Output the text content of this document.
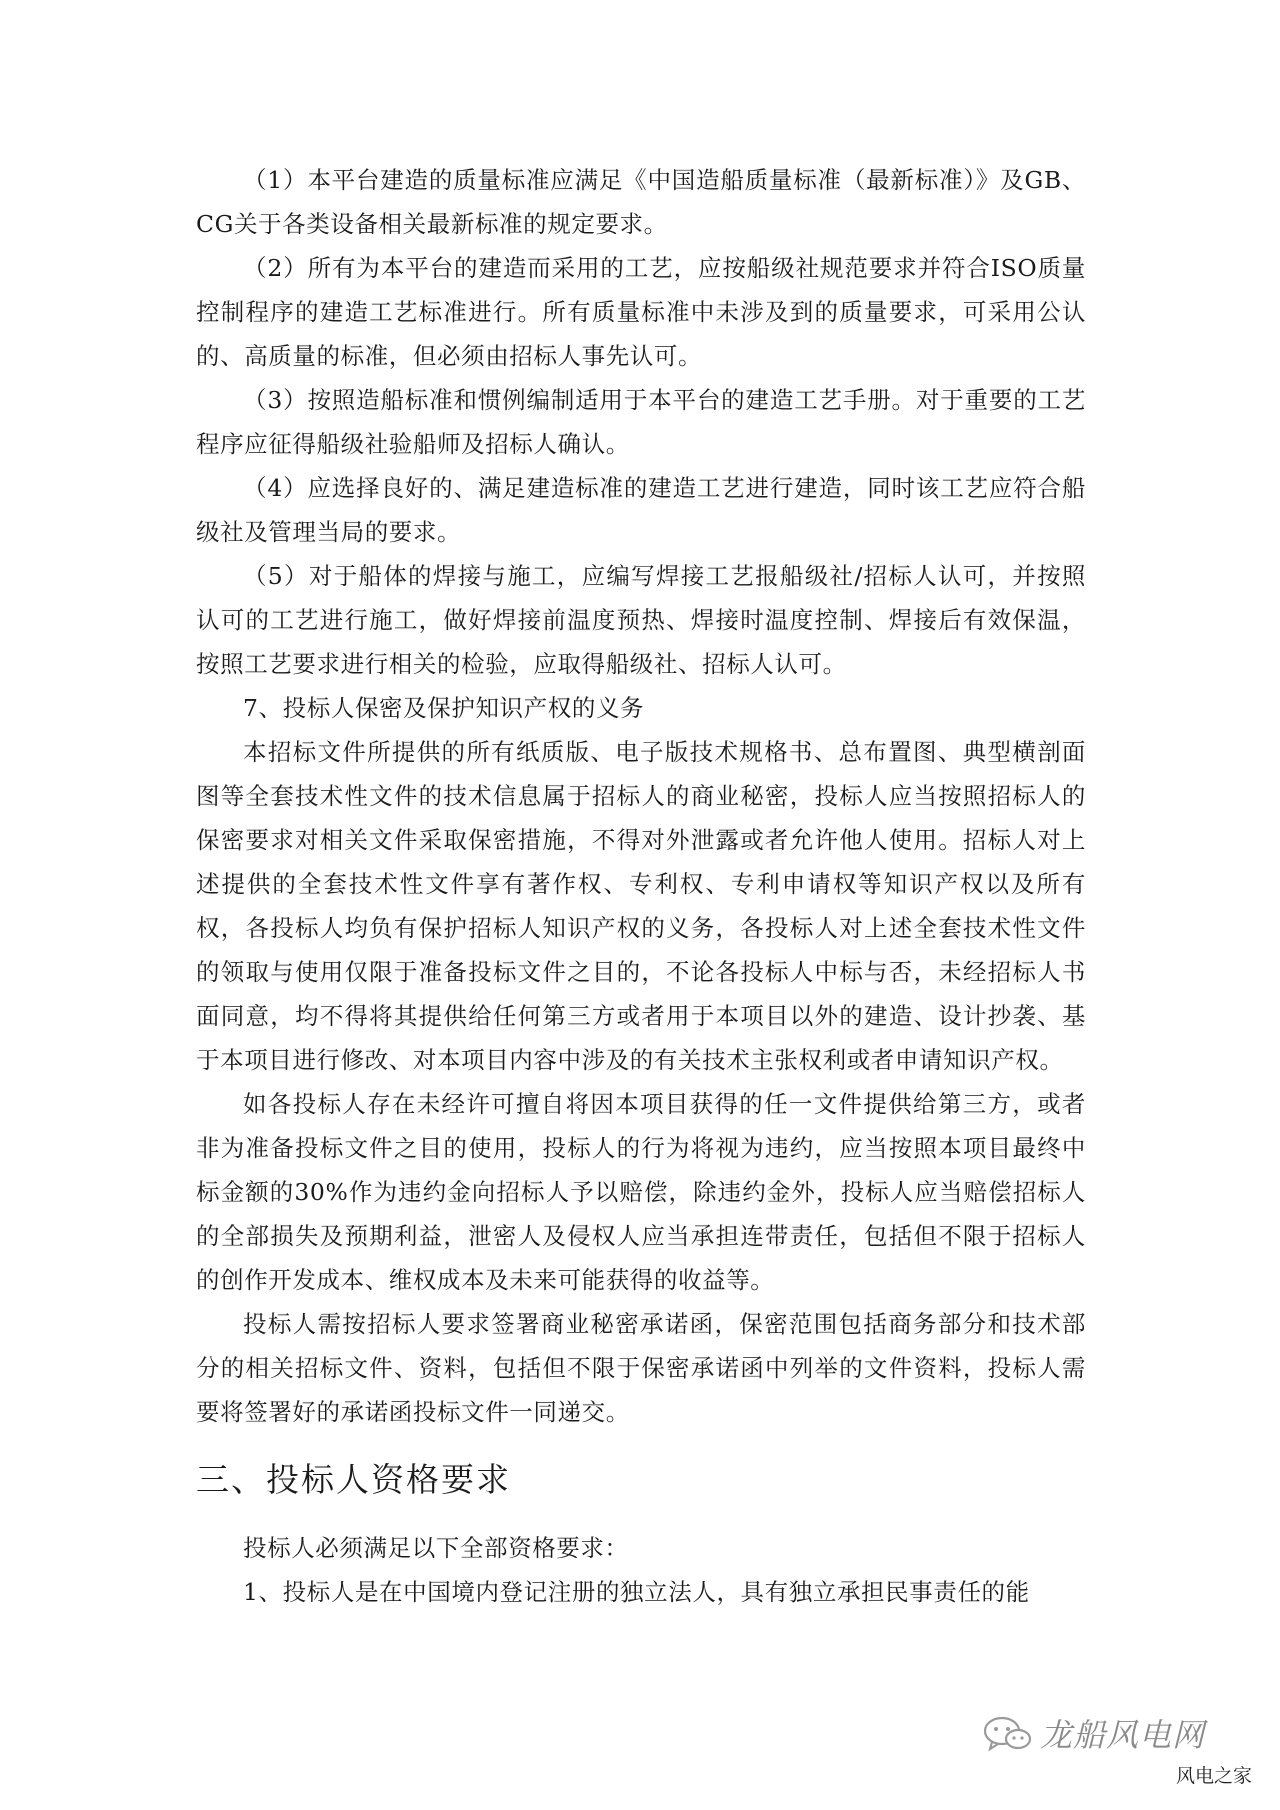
（1）本平台建造的质量标准应满足《中国造船质量标准（最新标准）》及GB、CG关于各类设备相关最新标准的规定要求。

（2）所有为本平台的建造而采用的工艺，应按船级社规范要求并符合ISO质量控制程序的建造工艺标准进行。所有质量标准中未涉及到的质量要求，可采用公认的、高质量的标准，但必须由招标人事先认可。

（3）按照造船标准和惯例编制适用于本平台的建造工艺手册。对于重要的工艺程序应征得船级社验船师及招标人确认。

（4）应选择良好的、满足建造标准的建造工艺进行建造，同时该工艺应符合船级社及管理当局的要求。

（5）对于船体的焊接与施工，应编写焊接工艺报船级社/招标人认可，并按照认可的工艺进行施工，做好焊接前温度预热、焊接时温度控制、焊接后有效保温，按照工艺要求进行相关的检验，应取得船级社、招标人认可。

7、投标人保密及保护知识产权的义务

本招标文件所提供的所有纸质版、电子版技术规格书、总布置图、典型横剖面图等全套技术性文件的技术信息属于招标人的商业秘密，投标人应当按照招标人的保密要求对相关文件采取保密措施，不得对外泄露或者允许他人使用。招标人对上述提供的全套技术性文件享有著作权、专利权、专利申请权等知识产权以及所有权，各投标人均负有保护招标人知识产权的义务，各投标人对上述全套技术性文件的领取与使用仅限于准备投标文件之目的，不论各投标人中标与否，未经招标人书面同意，均不得将其提供给任何第三方或者用于本项目以外的建造、设计抄袭、基于本项目进行修改、对本项目内容中涉及的有关技术主张权利或者申请知识产权。

如各投标人存在未经许可擅自将因本项目获得的任一文件提供给第三方，或者非为准备投标文件之目的使用，投标人的行为将视为违约，应当按照本项目最终中标金额的30%作为违约金向招标人予以赔偿，除违约金外，投标人应当赔偿招标人的全部损失及预期利益，泄密人及侵权人应当承担连带责任，包括但不限于招标人的创作开发成本、维权成本及未来可能获得的收益等。

投标人需按招标人要求签署商业秘密承诺函，保密范围包括商务部分和技术部分的相关招标文件、资料，包括但不限于保密承诺函中列举的文件资料，投标人需要将签署好的承诺函投标文件一同递交。

三、投标人资格要求

投标人必须满足以下全部资格要求：

1、投标人是在中国境内登记注册的独立法人，具有独立承担民事责任的能

龙船风电网
风电之家
